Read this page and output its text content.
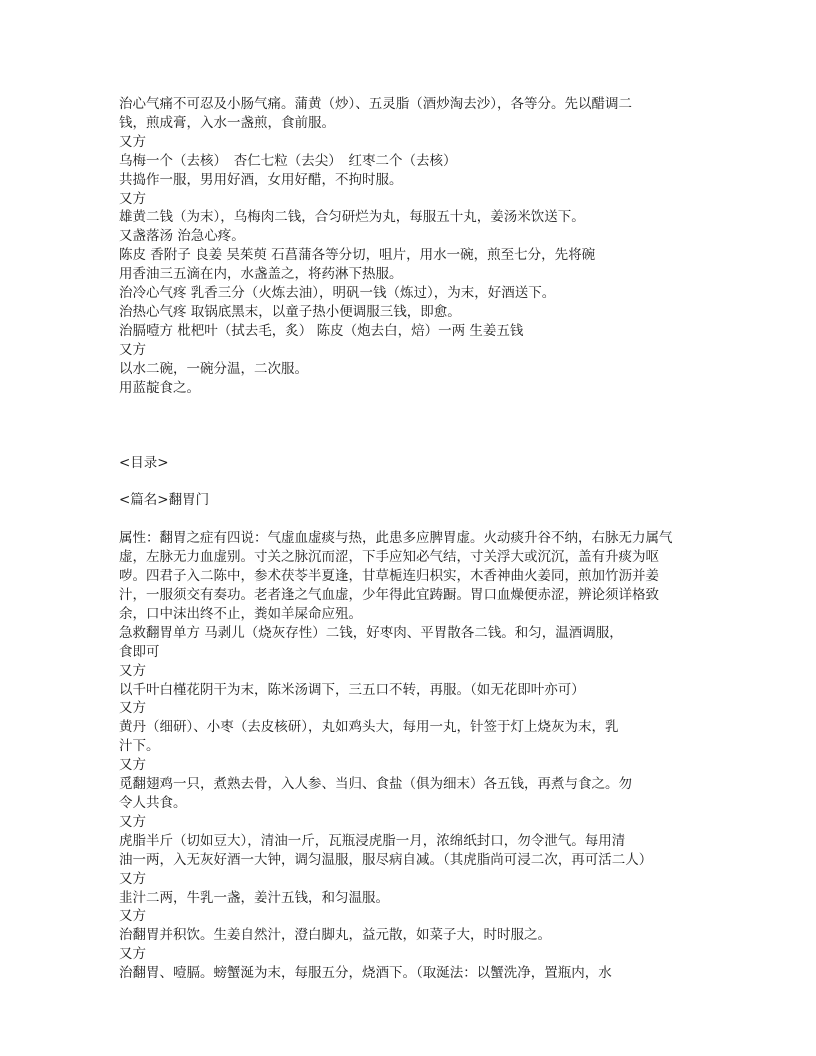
治心气痛不可忍及小肠气痛。蒲黄（炒）、五灵脂（酒炒淘去沙），各等分。先以醋调二

钱，煎成膏，入水一盏煎，食前服。

又方

乌梅一个（去核）　杏仁七粒（去尖）　红枣二个（去核）

共捣作一服，男用好酒，女用好醋，不拘时服。

又方

雄黄二钱（为末），乌梅肉二钱，合匀研烂为丸，每服五十丸，姜汤米饮送下。

又盏落汤 治急心疼。

陈皮 香附子 良姜 吴茱萸 石菖蒲各等分切，咀片，用水一碗，煎至七分，先将碗

用香油三五滴在内，水盏盖之，将药淋下热服。

治冷心气疼 乳香三分（火炼去油），明矾一钱（炼过），为末，好酒送下。

治热心气疼 取锅底黑末，以童子热小便调服三钱，即愈。

治膈噎方 枇杷叶（拭去毛，炙） 陈皮（炮去白，焙）一两 生姜五钱

又方

以水二碗，一碗分温，二次服。

用蓝靛食之。

<目录>

<篇名>翻胃门

属性：翻胃之症有四说：气虚血虚痰与热，此患多应脾胃虚。火动痰升谷不纳，右脉无力属气

虚，左脉无力血虚别。寸关之脉沉而涩，下手应知必气结，寸关浮大或沉沉，盖有升痰为呕

哕。四君子入二陈中，参术茯苓半夏逢，甘草栀连归枳实，木香神曲火姜同，煎加竹沥并姜

汁，一服须交有奏功。老者逢之气血虚，少年得此宜踌蹰。胃口血燥便赤涩，辨论须详格致

余，口中沫出终不止，粪如羊屎命应殂。

急救翻胃单方 马剥儿（烧灰存性）二钱，好枣肉、平胃散各二钱。和匀，温酒调服，

食即可

又方

以千叶白槿花阴干为末，陈米汤调下，三五口不转，再服。（如无花即叶亦可）

又方

黄丹（细研）、小枣（去皮核研），丸如鸡头大，每用一丸，针签于灯上烧灰为末，乳

汁下。

又方

觅翻翅鸡一只，煮熟去骨，入人参、当归、食盐（俱为细末）各五钱，再煮与食之。勿

令人共食。

又方

虎脂半斤（切如豆大），清油一斤，瓦瓶浸虎脂一月，浓绵纸封口，勿令泄气。每用清

油一两，入无灰好酒一大钟，调匀温服，服尽病自减。（其虎脂尚可浸二次，再可活二人）

又方

韭汁二两，牛乳一盏，姜汁五钱，和匀温服。

又方

治翻胃并积饮。生姜自然汁，澄白脚丸，益元散，如菜子大，时时服之。

又方

治翻胃、噎膈。螃蟹涎为末，每服五分，烧酒下。（取涎法：以蟹洗净，置瓶内，水
